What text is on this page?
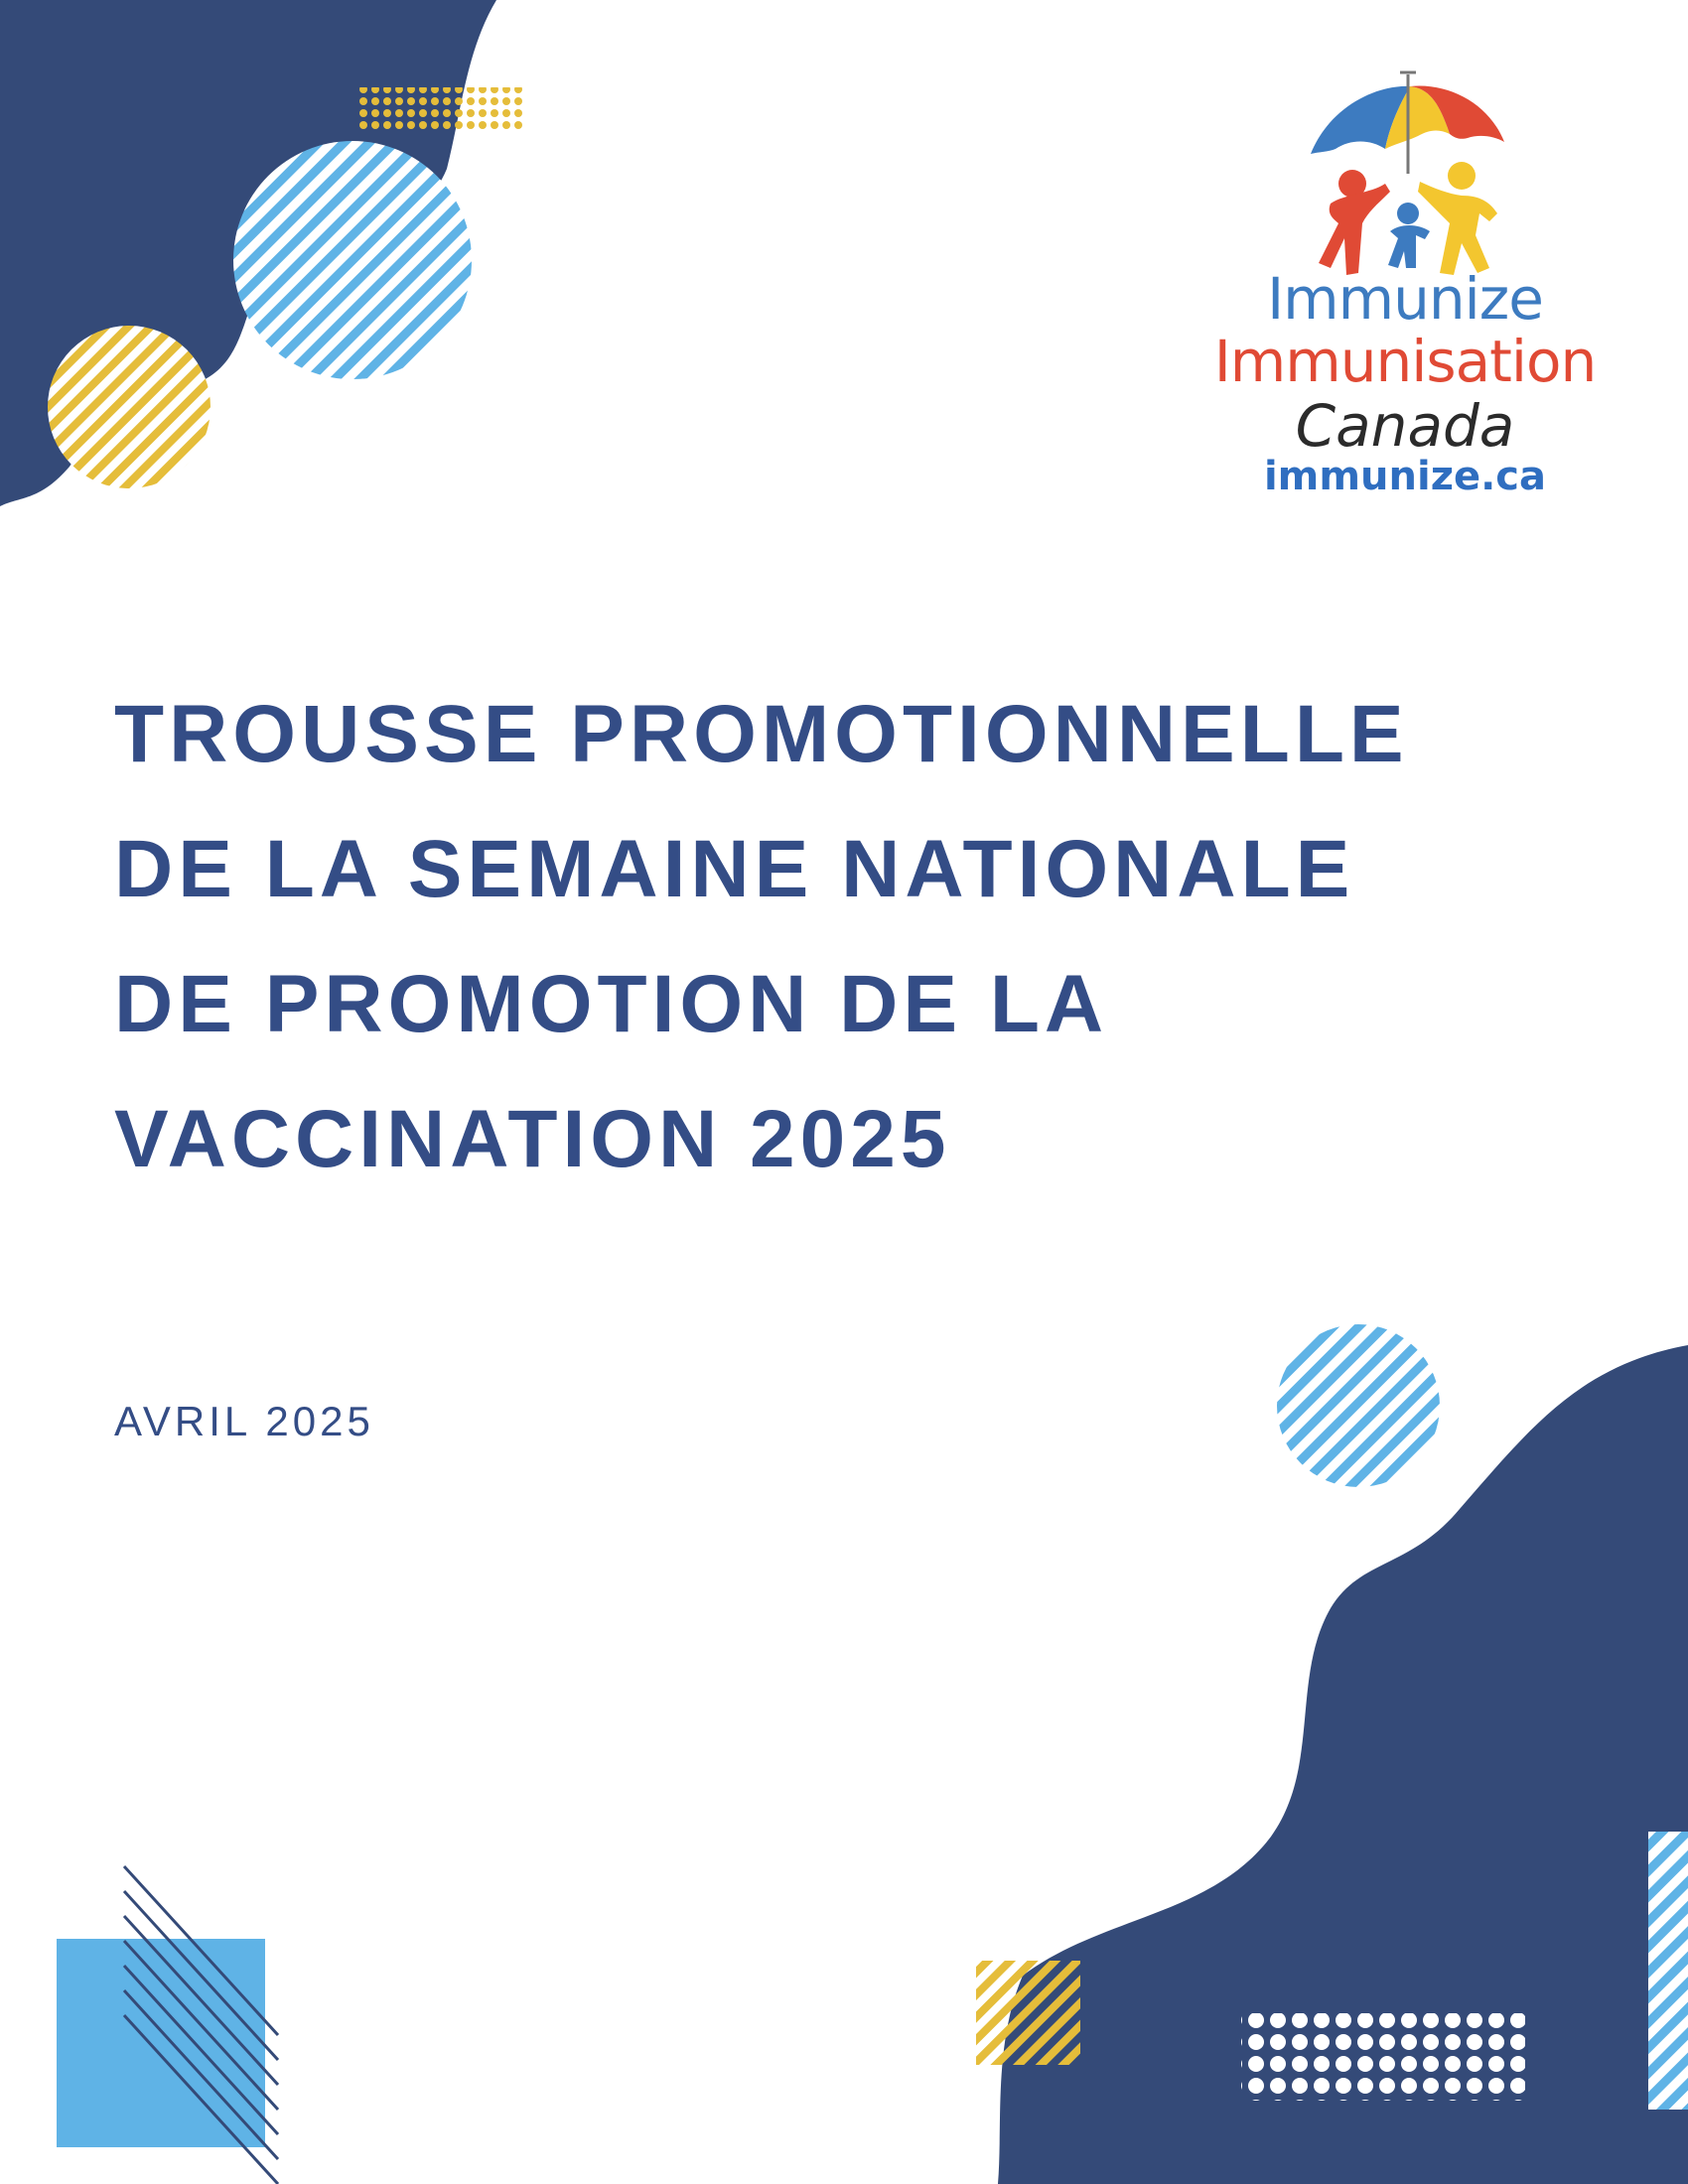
Immunize
Immunisation
Canada
immunize.ca
TROUSSE PROMOTIONNELLE
DE LA SEMAINE NATIONALE
DE PROMOTION DE LA
VACCINATION 2025
AVRIL 2025
